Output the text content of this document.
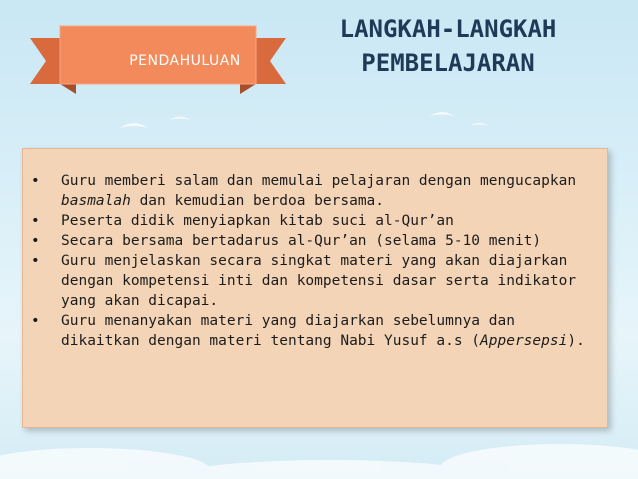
PENDAHULUAN
LANGKAH-LANGKAH
PEMBELAJARAN
• Guru memberi salam dan memulai pelajaran dengan mengucapkan basmalah dan kemudian berdoa bersama.
• Peserta didik menyiapkan kitab suci al-Qur’an
• Secara bersama bertadarus al-Qur’an (selama 5-10 menit)
• Guru menjelaskan secara singkat materi yang akan diajarkan dengan kompetensi inti dan kompetensi dasar serta indikator yang akan dicapai.
• Guru menanyakan materi yang diajarkan sebelumnya dan dikaitkan dengan materi tentang Nabi Yusuf a.s (Appersepsi).
